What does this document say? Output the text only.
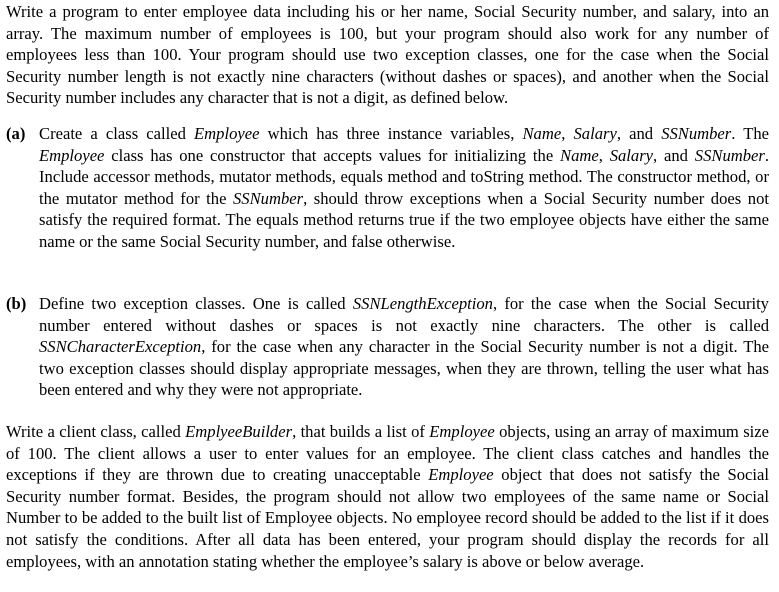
Write a program to enter employee data including his or her name, Social Security number, and salary, into an array. The maximum number of employees is 100, but your program should also work for any number of employees less than 100. Your program should use two exception classes, one for the case when the Social Security number length is not exactly nine characters (without dashes or spaces), and another when the Social Security number includes any character that is not a digit, as defined below.

(a) Create a class called Employee which has three instance variables, Name, Salary, and SSNumber. The Employee class has one constructor that accepts values for initializing the Name, Salary, and SSNumber. Include accessor methods, mutator methods, equals method and toString method. The constructor method, or the mutator method for the SSNumber, should throw exceptions when a Social Security number does not satisfy the required format. The equals method returns true if the two employee objects have either the same name or the same Social Security number, and false otherwise.

(b) Define two exception classes. One is called SSNLengthException, for the case when the Social Security number entered without dashes or spaces is not exactly nine characters. The other is called SSNCharacterException, for the case when any character in the Social Security number is not a digit. The two exception classes should display appropriate messages, when they are thrown, telling the user what has been entered and why they were not appropriate.

Write a client class, called EmplyeeBuilder, that builds a list of Employee objects, using an array of maximum size of 100. The client allows a user to enter values for an employee. The client class catches and handles the exceptions if they are thrown due to creating unacceptable Employee object that does not satisfy the Social Security number format. Besides, the program should not allow two employees of the same name or Social Number to be added to the built list of Employee objects. No employee record should be added to the list if it does not satisfy the conditions. After all data has been entered, your program should display the records for all employees, with an annotation stating whether the employee’s salary is above or below average.
